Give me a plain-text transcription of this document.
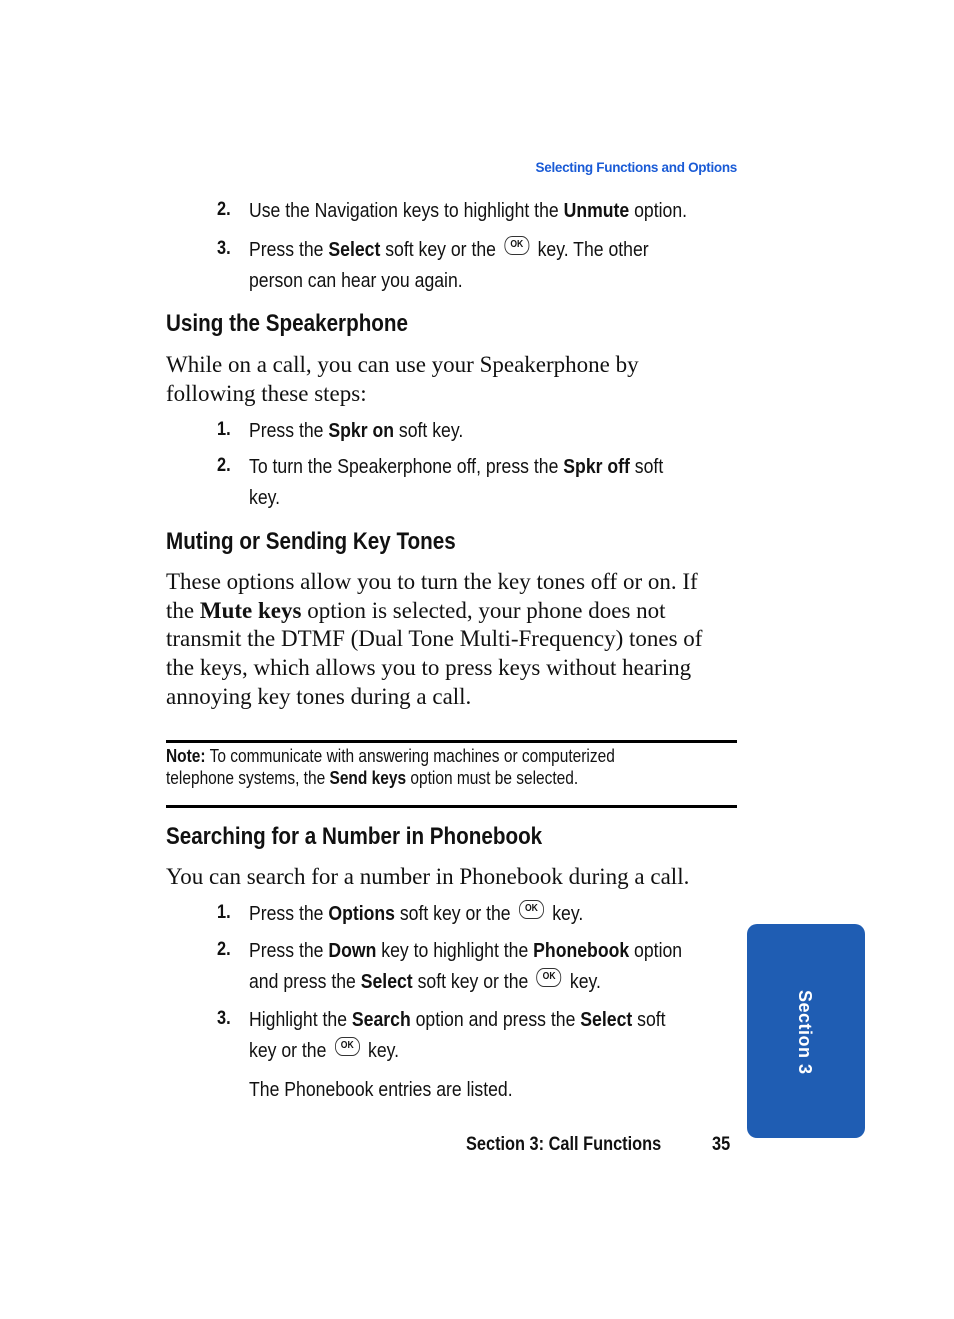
Selecting Functions and Options
2. Use the Navigation keys to highlight the Unmute option.
3. Press the Select soft key or the OK key. The other
person can hear you again.
Using the Speakerphone
While on a call, you can use your Speakerphone by
following these steps:
1. Press the Spkr on soft key.
2. To turn the Speakerphone off, press the Spkr off soft
key.
Muting or Sending Key Tones
These options allow you to turn the key tones off or on. If
the Mute keys option is selected, your phone does not
transmit the DTMF (Dual Tone Multi-Frequency) tones of
the keys, which allows you to press keys without hearing
annoying key tones during a call.
Note: To communicate with answering machines or computerized
telephone systems, the Send keys option must be selected.
Searching for a Number in Phonebook
You can search for a number in Phonebook during a call.
1. Press the Options soft key or the OK key.
2. Press the Down key to highlight the Phonebook option
and press the Select soft key or the OK key.
3. Highlight the Search option and press the Select soft
key or the OK key.
The Phonebook entries are listed.
Section 3
Section 3: Call Functions	35
